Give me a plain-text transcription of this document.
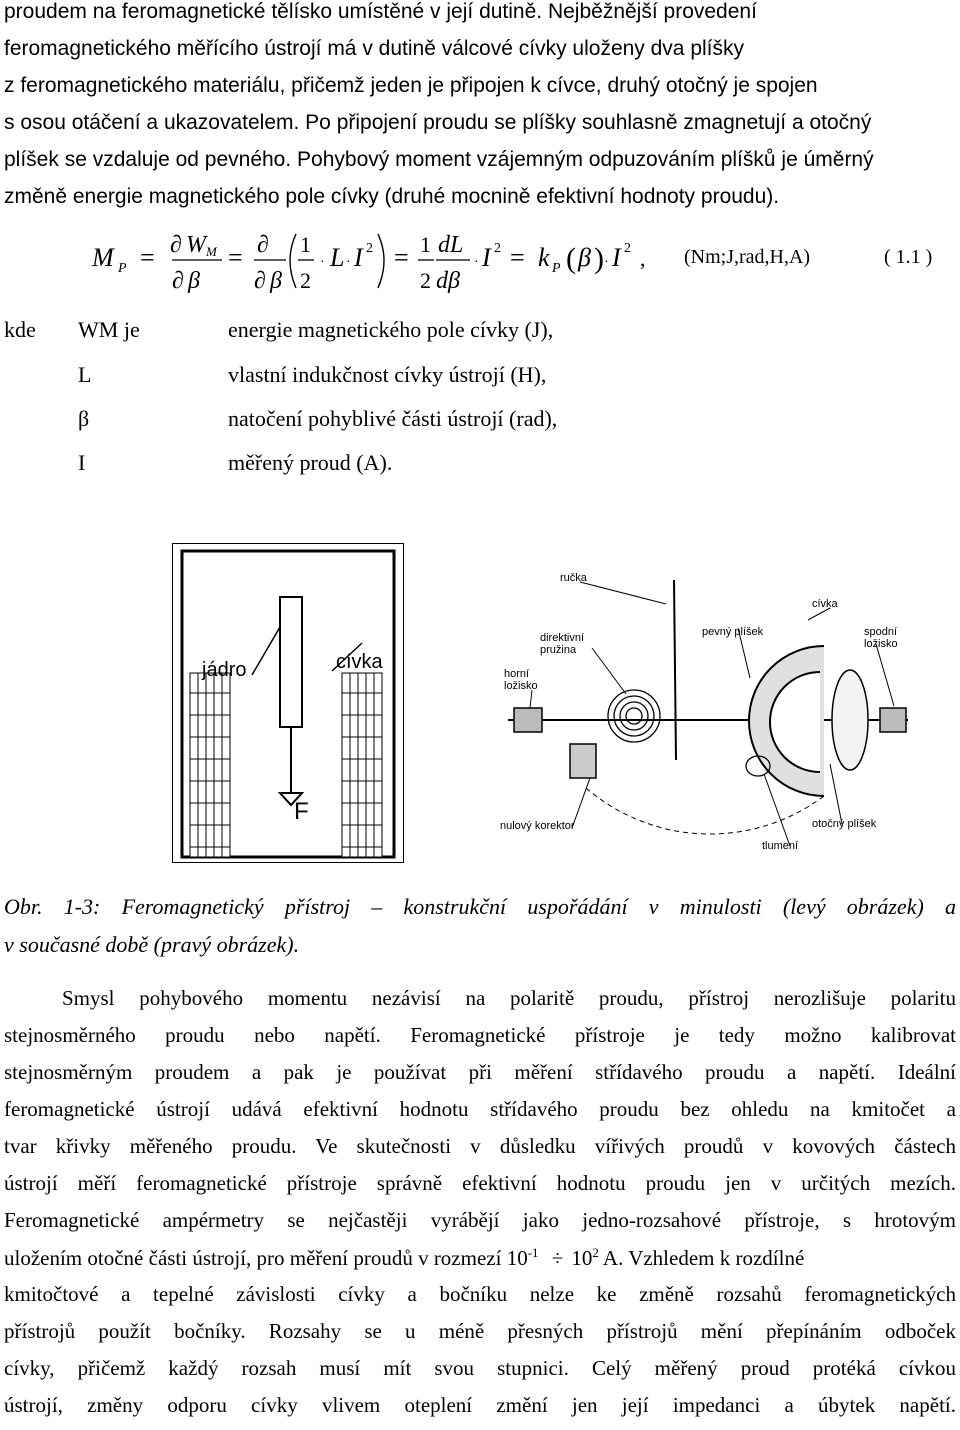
proudem na feromagnetické tělísko umístěné v její dutině. Nejběžnější provedení
feromagnetického měřícího ústrojí má v dutině válcové cívky uloženy dva plíšky
z feromagnetického materiálu, přičemž jeden je připojen k cívce, druhý otočný je spojen
s osou otáčení a ukazovatelem. Po připojení proudu se plíšky souhlasně zmagnetují a otočný
plíšek se vzdaluje od pevného. Pohybový moment vzájemným odpuzováním plíšků je úměrný
změně energie magnetického pole cívky (druhé mocnině efektivní hodnoty proudu).
M P = ∂ W M
∂ β
= ∂
∂ β
1
2
· L · I 2 = 1
2
dL
dβ
· I 2 = k P ( β ) · I 2 , (Nm;J,rad,H,A)	( 1.1 )
kde WM je	energie magnetického pole cívky (J),
L	vlastní indukčnost cívky ústrojí (H),
β	natočení pohyblivé části ústrojí (rad),
I	měřený proud (A).
jádro	cívka
F
ručka
cívka
direktivní pružina
pevný plíšek	spodní ložisko
horní ložisko
nulový korektor	otočný plíšek
tlumení
Obr. 1-3: Feromagnetický přístroj – konstrukční uspořádání v minulosti (levý obrázek) a
v současné době (pravý obrázek).
Smysl pohybového momentu nezávisí na polaritě proudu, přístroj nerozlišuje polaritu
stejnosměrného proudu nebo napětí. Feromagnetické přístroje je tedy možno kalibrovat
stejnosměrným proudem a pak je používat při měření střídavého proudu a napětí. Ideální
feromagnetické ústrojí udává efektivní hodnotu střídavého proudu bez ohledu na kmitočet a
tvar křivky měřeného proudu. Ve skutečnosti v důsledku vířivých proudů v kovových částech
ústrojí měří feromagnetické přístroje správně efektivní hodnotu proudu jen v určitých mezích.
Feromagnetické ampérmetry se nejčastěji vyrábějí jako jedno-rozsahové přístroje, s hrotovým
uložením otočné části ústrojí, pro měření proudů v rozmezí $10^{-1} \div 10^2$ A. Vzhledem k rozdílné
kmitočtové a tepelné závislosti cívky a bočníku nelze ke změně rozsahů feromagnetických
přístrojů použít bočníky. Rozsahy se u méně přesných přístrojů mění přepínáním odboček
cívky, přičemž každý rozsah musí mít svou stupnici. Celý měřený proud protéká cívkou
ústrojí, změny odporu cívky vlivem oteplení změní jen její impedanci a úbytek napětí.
